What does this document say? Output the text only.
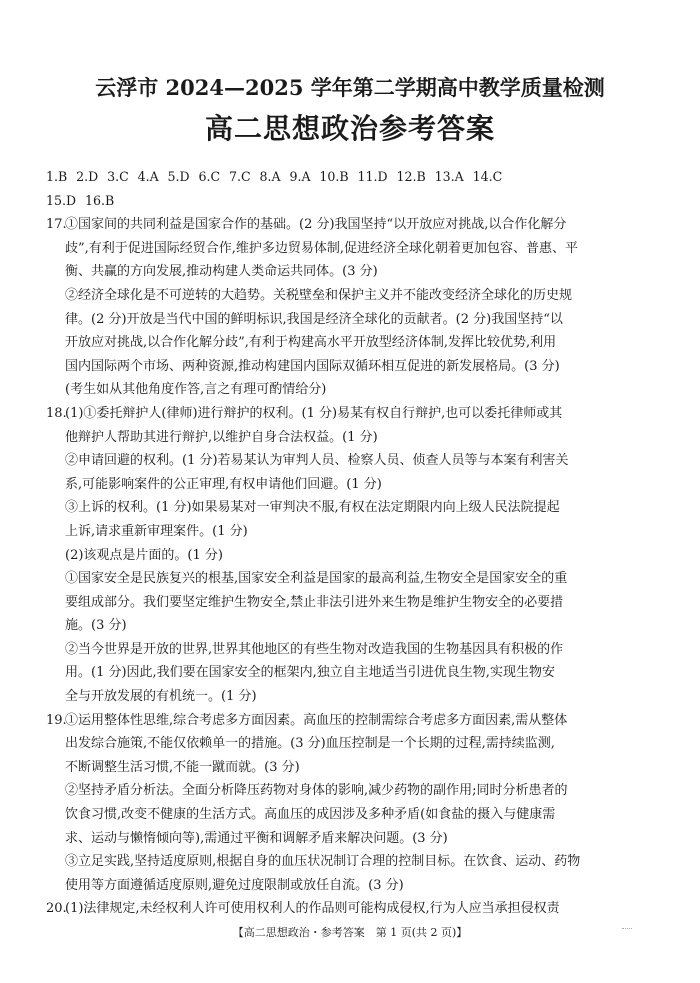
云浮市 2024—2025 学年第二学期高中教学质量检测
高二思想政治参考答案
1.B 2.D 3.C 4.A 5.D 6.C 7.C 8.A 9.A 10.B 11.D 12.B 13.A 14.C
15.D 16.B
17.①国家间的共同利益是国家合作的基础。(2 分)我国坚持“以开放应对挑战,以合作化解分
歧”,有利于促进国际经贸合作,维护多边贸易体制,促进经济全球化朝着更加包容、普惠、平
衡、共赢的方向发展,推动构建人类命运共同体。(3 分)
②经济全球化是不可逆转的大趋势。关税壁垒和保护主义并不能改变经济全球化的历史规
律。(2 分)开放是当代中国的鲜明标识,我国是经济全球化的贡献者。(2 分)我国坚持“以
开放应对挑战,以合作化解分歧”,有利于构建高水平开放型经济体制,发挥比较优势,利用
国内国际两个市场、两种资源,推动构建国内国际双循环相互促进的新发展格局。(3 分)
(考生如从其他角度作答,言之有理可酌情给分)
18.(1)①委托辩护人(律师)进行辩护的权利。(1 分)易某有权自行辩护,也可以委托律师或其
他辩护人帮助其进行辩护,以维护自身合法权益。(1 分)
②申请回避的权利。(1 分)若易某认为审判人员、检察人员、侦查人员等与本案有利害关
系,可能影响案件的公正审理,有权申请他们回避。(1 分)
③上诉的权利。(1 分)如果易某对一审判决不服,有权在法定期限内向上级人民法院提起
上诉,请求重新审理案件。(1 分)
(2)该观点是片面的。(1 分)
①国家安全是民族复兴的根基,国家安全利益是国家的最高利益,生物安全是国家安全的重
要组成部分。我们要坚定维护生物安全,禁止非法引进外来生物是维护生物安全的必要措
施。(3 分)
②当今世界是开放的世界,世界其他地区的有些生物对改造我国的生物基因具有积极的作
用。(1 分)因此,我们要在国家安全的框架内,独立自主地适当引进优良生物,实现生物安
全与开放发展的有机统一。(1 分)
19.①运用整体性思维,综合考虑多方面因素。高血压的控制需综合考虑多方面因素,需从整体
出发综合施策,不能仅依赖单一的措施。(3 分)血压控制是一个长期的过程,需持续监测,
不断调整生活习惯,不能一蹴而就。(3 分)
②坚持矛盾分析法。全面分析降压药物对身体的影响,减少药物的副作用;同时分析患者的
饮食习惯,改变不健康的生活方式。高血压的成因涉及多种矛盾(如食盐的摄入与健康需
求、运动与懒惰倾向等),需通过平衡和调解矛盾来解决问题。(3 分)
③立足实践,坚持适度原则,根据自身的血压状况制订合理的控制目标。在饮食、运动、药物
使用等方面遵循适度原则,避免过度限制或放任自流。(3 分)
20.(1)法律规定,未经权利人许可使用权利人的作品则可能构成侵权,行为人应当承担侵权责
【高二思想政治・参考答案　第 1 页(共 2 页)】
